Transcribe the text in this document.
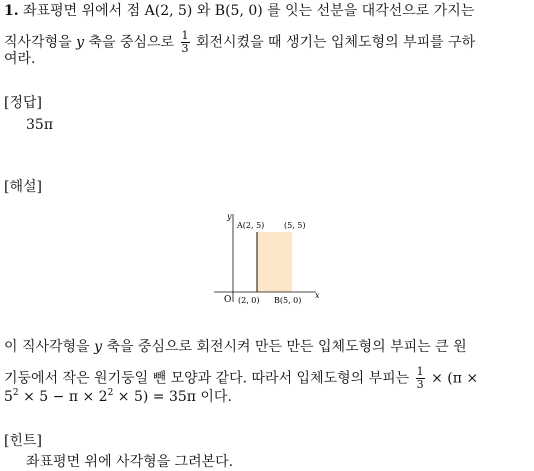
1. 좌표평면 위에서 점 A(2, 5) 와 B(5, 0) 를 잇는 선분을 대각선으로 가지는
직사각형을 y 축을 중심으로 $\frac{1}{3}$ 회전시켰을 때 생기는 입체도형의 부피를 구하
여라.
[정답]
35π
[해설]
y
x
O
A(2, 5) (5, 5)
(2, 0) B(5, 0)
이 직사각형을 y 축을 중심으로 회전시켜 만든 만든 입체도형의 부피는 큰 원
기둥에서 작은 원기둥일 뺀 모양과 같다. 따라서 입체도형의 부피는 $\frac{1}{3} \times (\pi$ ×
$5^2 \times 5 - \pi \times 2^2 \times 5) = 35\pi$ 이다.
[힌트]
좌표평면 위에 사각형을 그려본다.
